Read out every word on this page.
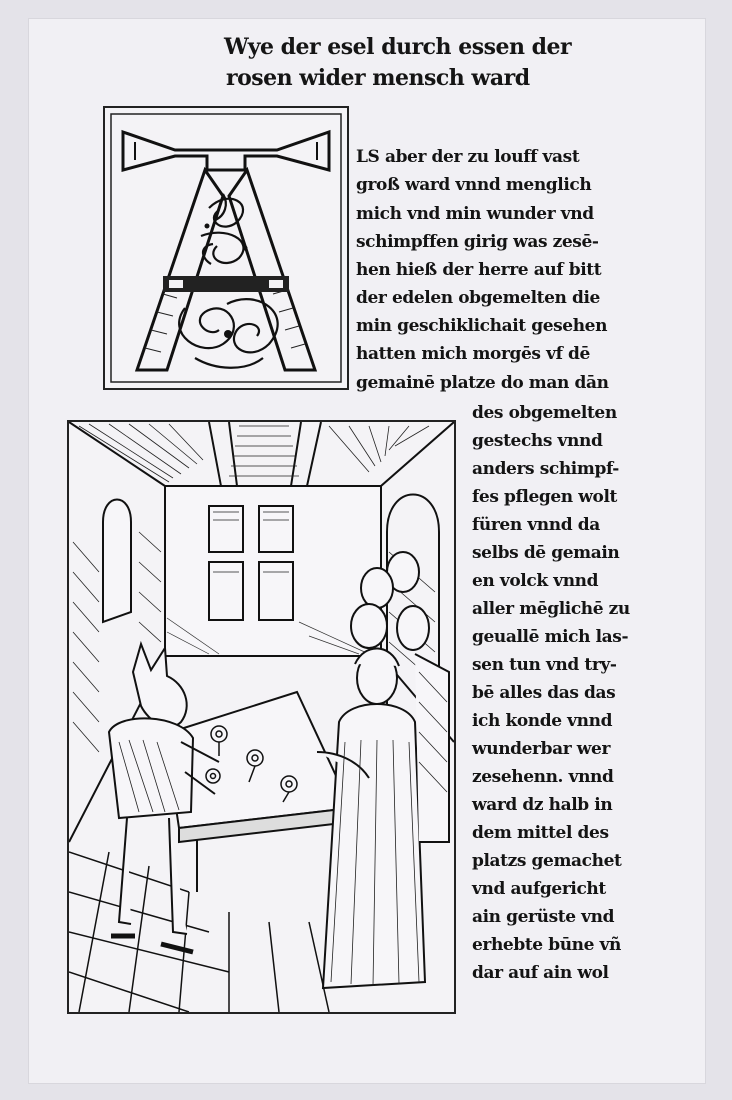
Wye der esel durch essen der
rosen wider mensch ward
LS aber der zu louff vast
groß ward vnnd menglich
mich vnd min wunder vnd
schimpffen girig was zesē-
hen hieß der herre auf bitt
der edelen obgemelten die
min geschiklichait gesehen
hatten mich morgēs vf dē
gemainē platze do man dān
des obgemelten
gestechs vnnd
anders schimpf-
fes pflegen wolt
füren vnnd da
selbs dē gemain
en volck vnnd
aller mēglichē zu
geuallē mich las-
sen tun vnd try-
bē alles das das
ich konde vnnd
wunderbar wer
zesehenn. vnnd
ward dz halb in
dem mittel des
platzs gemachet
vnd aufgericht
ain gerüste vnd
erhebte būne vñ
dar auf ain wol
